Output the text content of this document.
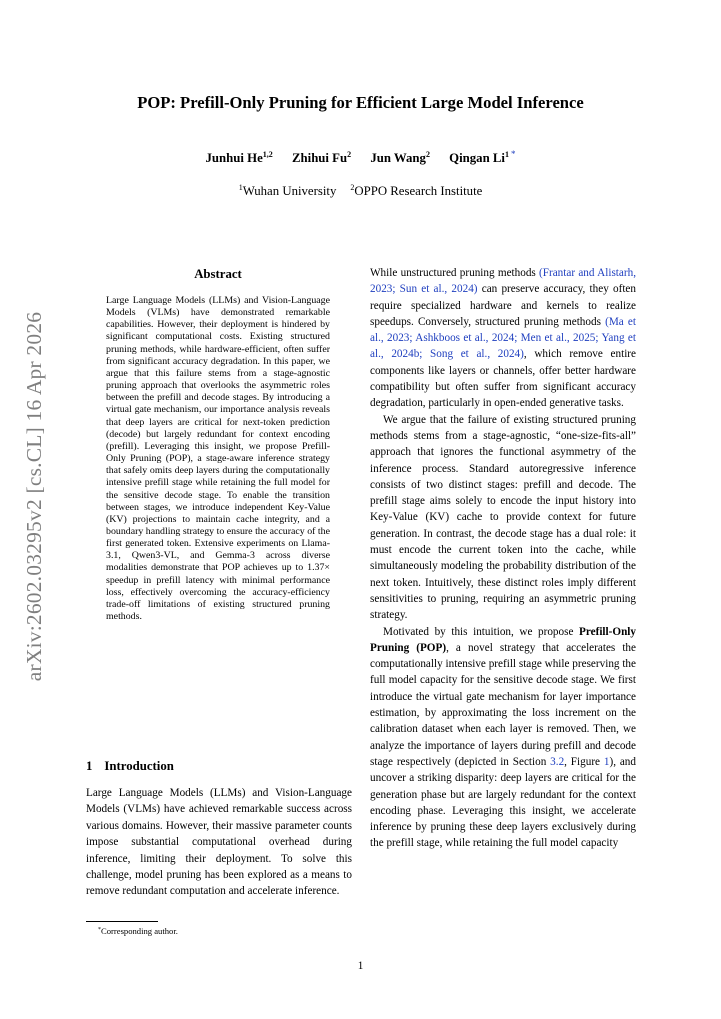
arXiv:2602.03295v2 [cs.CL] 16 Apr 2026
POP: Prefill-Only Pruning for Efficient Large Model Inference
Junhui He$^{1,2}$ Zhihui Fu$^2$ Jun Wang$^2$ Qingan Li$^1$ *
$^1$Wuhan University $^2$OPPO Research Institute
Abstract
Large Language Models (LLMs) and Vision-Language Models (VLMs) have demonstrated remarkable capabilities. However, their deployment is hindered by significant computational costs. Existing structured pruning methods, while hardware-efficient, often suffer from significant accuracy degradation. In this paper, we argue that this failure stems from a stage-agnostic pruning approach that overlooks the asymmetric roles between the prefill and decode stages. By introducing a virtual gate mechanism, our importance analysis reveals that deep layers are critical for next-token prediction (decode) but largely redundant for context encoding (prefill). Leveraging this insight, we propose Prefill-Only Pruning (POP), a stage-aware inference strategy that safely omits deep layers during the computationally intensive prefill stage while retaining the full model for the sensitive decode stage. To enable the transition between stages, we introduce independent Key-Value (KV) projections to maintain cache integrity, and a boundary handling strategy to ensure the accuracy of the first generated token. Extensive experiments on Llama-3.1, Qwen3-VL, and Gemma-3 across diverse modalities demonstrate that POP achieves up to 1.37× speedup in prefill latency with minimal performance loss, effectively overcoming the accuracy-efficiency trade-off limitations of existing structured pruning methods.
1 Introduction
Large Language Models (LLMs) and Vision-Language Models (VLMs) have achieved remarkable success across various domains. However, their massive parameter counts impose substantial computational overhead during inference, limiting their deployment. To solve this challenge, model pruning has been explored as a means to remove redundant computation and accelerate inference.
*Corresponding author.

While unstructured pruning methods (Frantar and Alistarh, 2023; Sun et al., 2024) can preserve accuracy, they often require specialized hardware and kernels to realize speedups. Conversely, structured pruning methods (Ma et al., 2023; Ashkboos et al., 2024; Men et al., 2025; Yang et al., 2024b; Song et al., 2024), which remove entire components like layers or channels, offer better hardware compatibility but often suffer from significant accuracy degradation, particularly in open-ended generative tasks.

We argue that the failure of existing structured pruning methods stems from a stage-agnostic, “one-size-fits-all” approach that ignores the functional asymmetry of the inference process. Standard autoregressive inference consists of two distinct stages: prefill and decode. The prefill stage aims solely to encode the input history into Key-Value (KV) cache to provide context for future generation. In contrast, the decode stage has a dual role: it must encode the current token into the cache, while simultaneously modeling the probability distribution of the next token. Intuitively, these distinct roles imply different sensitivities to pruning, requiring an asymmetric pruning strategy.

Motivated by this intuition, we propose Prefill-Only Pruning (POP), a novel strategy that accelerates the computationally intensive prefill stage while preserving the full model capacity for the sensitive decode stage. We first introduce the virtual gate mechanism for layer importance estimation, by approximating the loss increment on the calibration dataset when each layer is removed. Then, we analyze the importance of layers during prefill and decode stage respectively (depicted in Section 3.2, Figure 1), and uncover a striking disparity: deep layers are critical for the generation phase but are largely redundant for the context encoding phase. Leveraging this insight, we accelerate inference by pruning these deep layers exclusively during the prefill stage, while retaining the full model capacity

1
